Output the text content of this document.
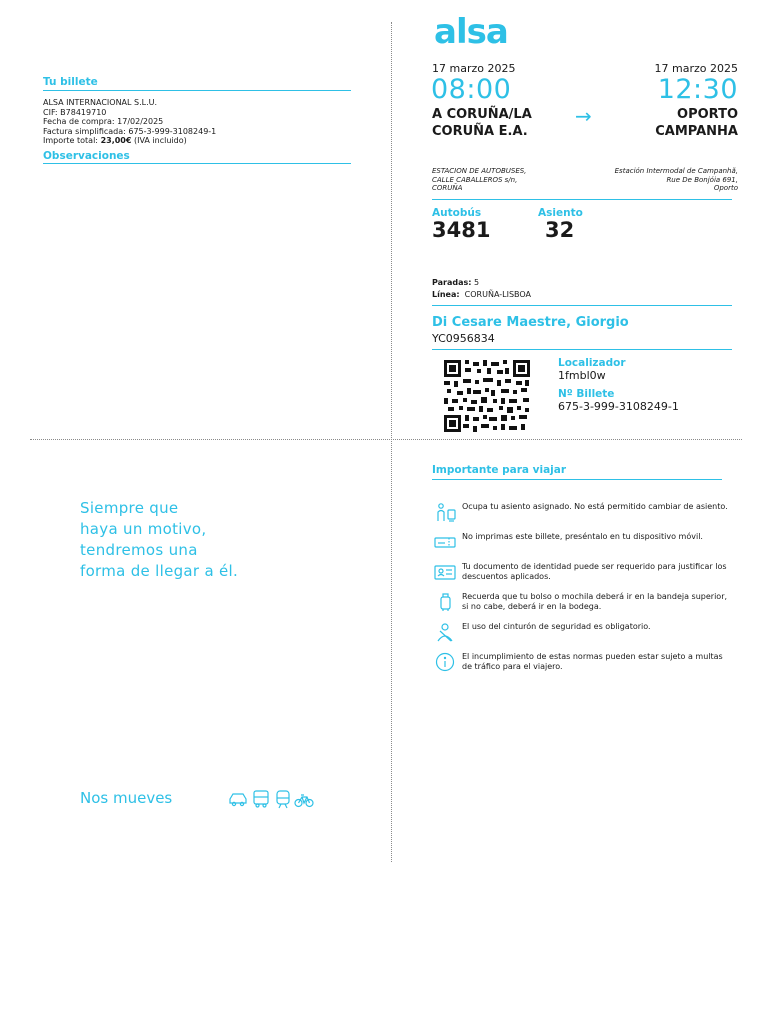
Tu billete
ALSA INTERNACIONAL S.L.U.
CIF: B78419710
Fecha de compra: 17/02/2025
Factura simplificada: 675-3-999-3108249-1
Importe total: 23,00€ (IVA incluido)
Observaciones
alsa
17 marzo 2025
08:00
A CORUÑA/LA
CORUÑA E.A.
→
17 marzo 2025
12:30
OPORTO
CAMPANHA
ESTACION DE AUTOBUSES,
CALLE CABALLEROS s/n,
CORUÑA
Estación Intermodal de Campanhã,
Rue De Bonjóia 691,
Oporto
Autobús
3481
Asiento
32
Paradas: 5
Línea: CORUÑA-LISBOA
Di Cesare Maestre, Giorgio
YC0956834
Localizador
1fmbl0w
Nº Billete
675-3-999-3108249-1
Importante para viajar
Ocupa tu asiento asignado. No está permitido cambiar de asiento.
No imprimas este billete, preséntalo en tu dispositivo móvil.
Tu documento de identidad puede ser requerido para justificar los descuentos aplicados.
Recuerda que tu bolso o mochila deberá ir en la bandeja superior, si no cabe, deberá ir en la bodega.
El uso del cinturón de seguridad es obligatorio.
El incumplimiento de estas normas pueden estar sujeto a multas de tráfico para el viajero.
Siempre que
haya un motivo,
tendremos una
forma de llegar a él.
Nos mueves
